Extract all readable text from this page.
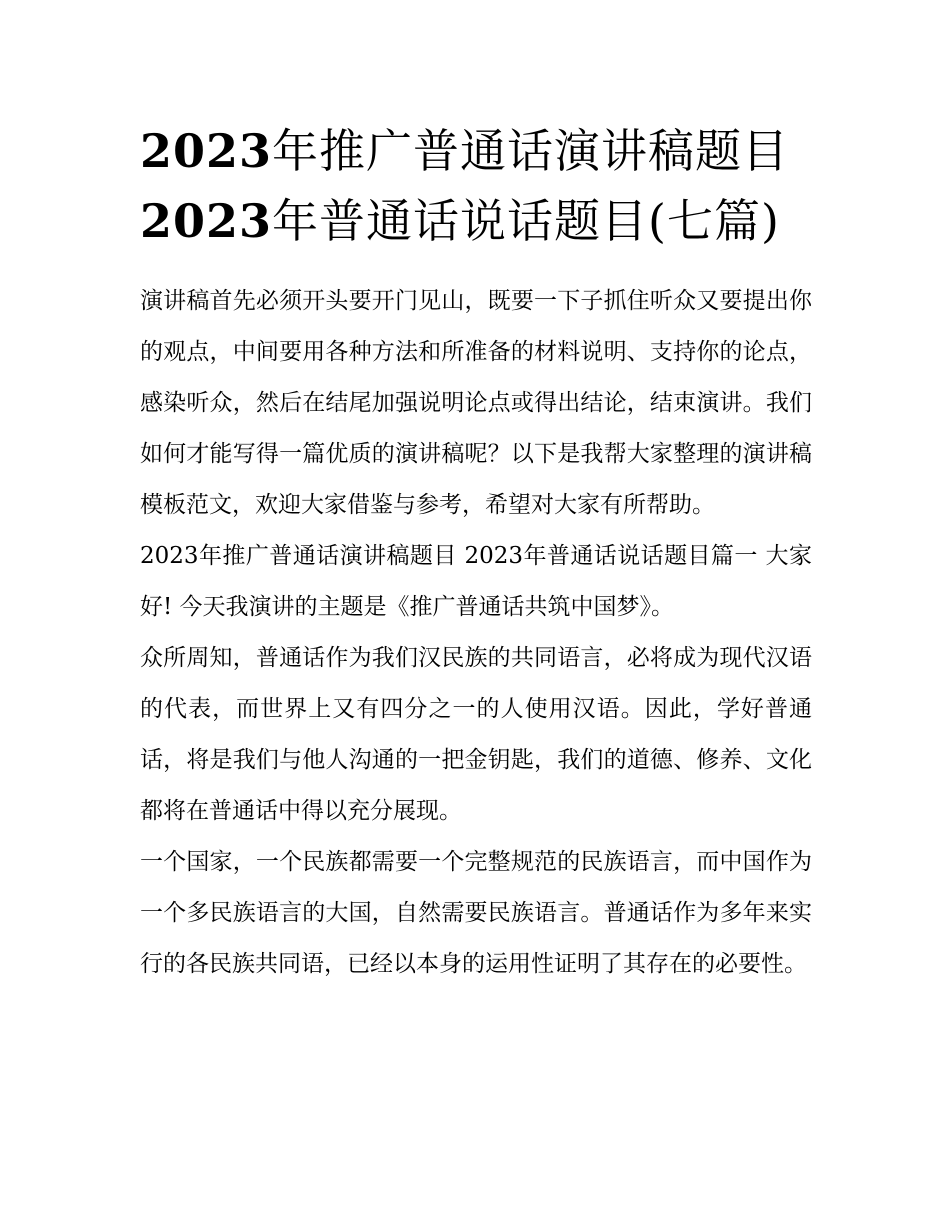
2023年推广普通话演讲稿题目
2023年普通话说话题目(七篇)

演讲稿首先必须开头要开门见山，既要一下子抓住听众又要提出你的观点，中间要用各种方法和所准备的材料说明、支持你的论点，感染听众，然后在结尾加强说明论点或得出结论，结束演讲。我们如何才能写得一篇优质的演讲稿呢？以下是我帮大家整理的演讲稿模板范文，欢迎大家借鉴与参考，希望对大家有所帮助。

2023年推广普通话演讲稿题目 2023年普通话说话题目篇一 大家好! 今天我演讲的主题是《推广普通话共筑中国梦》。

众所周知，普通话作为我们汉民族的共同语言，必将成为现代汉语的代表，而世界上又有四分之一的人使用汉语。因此，学好普通话，将是我们与他人沟通的一把金钥匙，我们的道德、修养、文化都将在普通话中得以充分展现。

一个国家，一个民族都需要一个完整规范的民族语言，而中国作为一个多民族语言的大国，自然需要民族语言。普通话作为多年来实行的各民族共同语，已经以本身的运用性证明了其存在的必要性。
